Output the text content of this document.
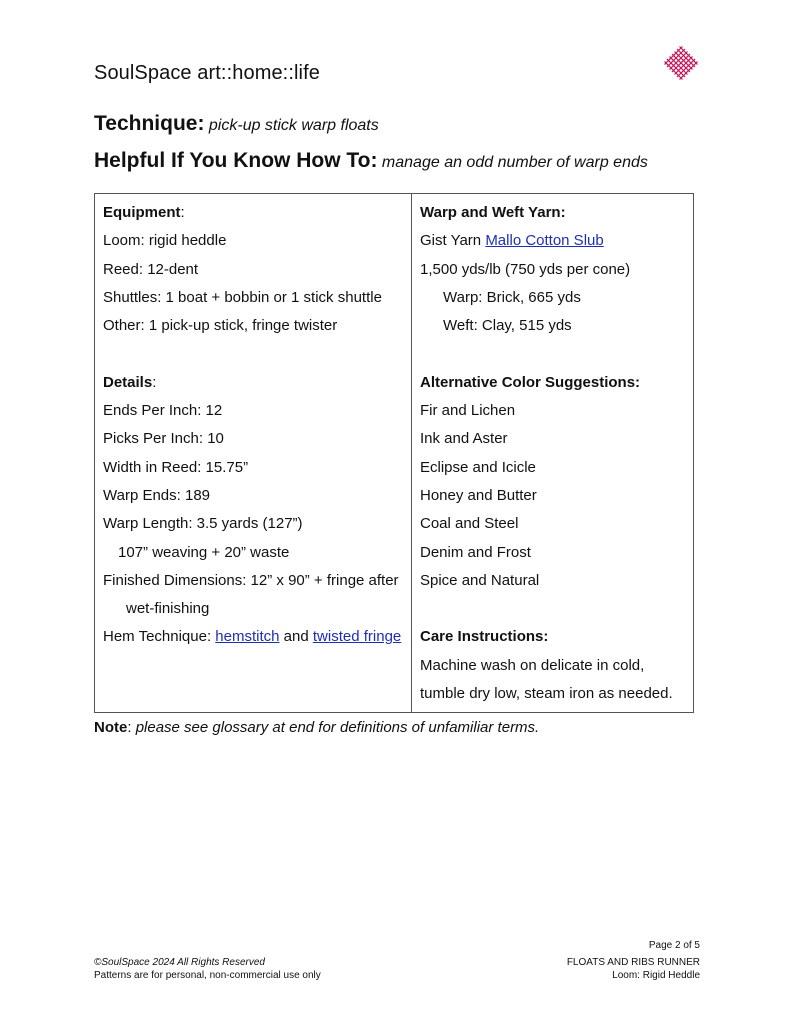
SoulSpace art::home::life
Technique: pick-up stick warp floats
Helpful If You Know How To: manage an odd number of warp ends
Equipment:
Loom: rigid heddle
Reed: 12-dent
Shuttles: 1 boat + bobbin or 1 stick shuttle
Other: 1 pick-up stick, fringe twister
Details:
Ends Per Inch: 12
Picks Per Inch: 10
Width in Reed: 15.75”
Warp Ends: 189
Warp Length: 3.5 yards (127”)
107” weaving + 20” waste
Finished Dimensions: 12” x 90” + fringe after wet-finishing
Hem Technique: hemstitch and twisted fringe

Warp and Weft Yarn:
Gist Yarn Mallo Cotton Slub
1,500 yds/lb (750 yds per cone)
Warp: Brick, 665 yds
Weft: Clay, 515 yds
Alternative Color Suggestions:
Fir and Lichen
Ink and Aster
Eclipse and Icicle
Honey and Butter
Coal and Steel
Denim and Frost
Spice and Natural
Care Instructions:
Machine wash on delicate in cold, tumble dry low, steam iron as needed.
Note: please see glossary at end for definitions of unfamiliar terms.
©SoulSpace 2024 All Rights Reserved
Patterns are for personal, non-commercial use only
Page 2 of 5
FLOATS AND RIBS RUNNER
Loom: Rigid Heddle
